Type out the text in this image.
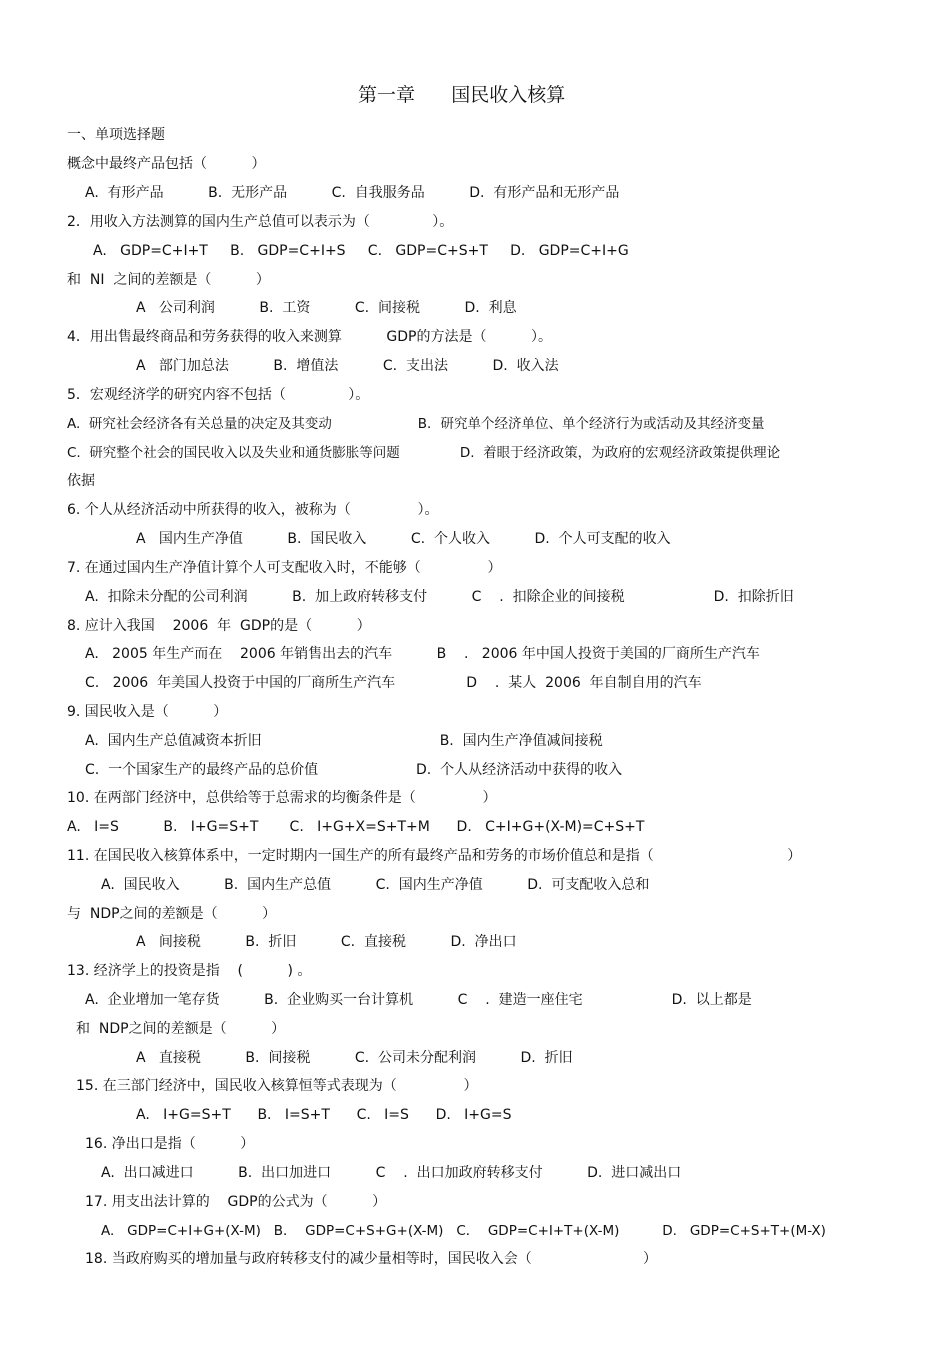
第一章      国民收入核算
一、单项选择题
概念中最终产品包括（          ）
A.  有形产品          B.  无形产品          C.  自我服务品          D.  有形产品和无形产品
2．用收入方法测算的国内生产总值可以表示为（              ）。
A.   GDP=C+I+T     B.   GDP=C+I+S     C.   GDP=C+S+T     D.   GDP=C+I+G
和  NI  之间的差额是（          ）
A   公司利润          B.  工资          C.  间接税          D.  利息
4．用出售最终商品和劳务获得的收入来测算          GDP的方法是（          ）。
A   部门加总法          B.  增值法          C.  支出法          D.  收入法
5．宏观经济学的研究内容不包括（              ）。
A.  研究社会经济各有关总量的决定及其变动                    B．研究单个经济单位、单个经济行为或活动及其经济变量
C.  研究整个社会的国民收入以及失业和通货膨胀等问题              D.  着眼于经济政策，为政府的宏观经济政策提供理论
依据
6. 个人从经济活动中所获得的收入，被称为（               ）。
A   国内生产净值          B.  国民收入          C.  个人收入          D.  个人可支配的收入
7. 在通过国内生产净值计算个人可支配收入时，不能够（               ）
A.  扣除未分配的公司利润          B.  加上政府转移支付          C    .  扣除企业的间接税                    D.  扣除折旧
8. 应计入我国    2006  年  GDP的是（          ）
A.   2005 年生产而在    2006 年销售出去的汽车          B    .   2006 年中国人投资于美国的厂商所生产汽车
C.   2006  年美国人投资于中国的厂商所生产汽车                D    .  某人  2006  年自制自用的汽车
9. 国民收入是（          ）
A.  国内生产总值减资本折旧                                        B.  国内生产净值减间接税
C.  一个国家生产的最终产品的总价值                      D.  个人从经济活动中获得的收入
10. 在两部门经济中，总供给等于总需求的均衡条件是（               ）
A.   I=S          B.   I+G=S+T       C.   I+G+X=S+T+M      D.   C+I+G+(X-M)=C+S+T
11. 在国民收入核算体系中，一定时期内一国生产的所有最终产品和劳务的市场价值总和是指（                              ）
A.  国民收入          B.  国内生产总值          C.  国内生产净值          D.  可支配收入总和
与  NDP之间的差额是（          ）
A   间接税          B.  折旧          C.  直接税          D.  净出口
13. 经济学上的投资是指    (          ) 。
A.  企业增加一笔存货          B.  企业购买一台计算机          C    .  建造一座住宅                    D.  以上都是
和  NDP之间的差额是（          ）
A   直接税          B.  间接税          C.  公司未分配利润          D.  折旧
15. 在三部门经济中，国民收入核算恒等式表现为（               ）
A.   I+G=S+T      B.   I=S+T      C.   I=S      D.   I+G=S
16. 净出口是指（          ）
A.  出口减进口          B.  出口加进口          C    .  出口加政府转移支付          D.  进口减出口
17. 用支出法计算的    GDP的公式为（          ）
A.   GDP=C+I+G+(X-M)   B．  GDP=C+S+G+(X-M)   C．  GDP=C+I+T+(X-M)          D.   GDP=C+S+T+(M-X)
18. 当政府购买的增加量与政府转移支付的减少量相等时，国民收入会（                         ）
